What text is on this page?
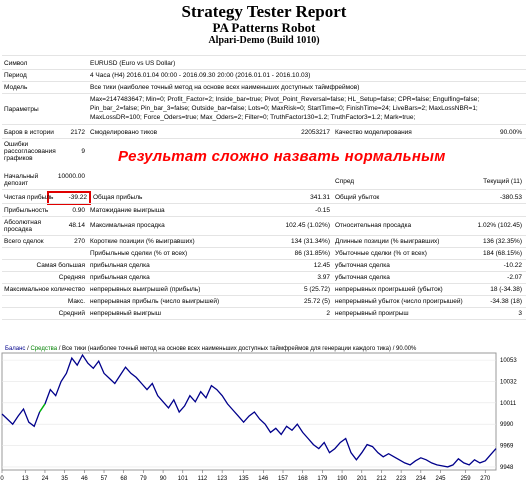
Strategy Tester Report
PA Patterns Robot
Alpari-Demo (Build 1010)
Символ	EURUSD (Euro vs US Dollar)
Период	4 Часа (H4) 2016.01.04 00:00 - 2016.09.30 20:00 (2016.01.01 - 2016.10.03)
Модель	Все тики (наиболее точный метод на основе всех наименьших доступных таймфреймов)
Параметры
Max=2147483647; Min=0; Profit_Factor=2; Inside_bar=true; Pivot_Point_Reversal=false; HL_Setup=false; CPR=false; Engulfing=false;
Pin_bar_2=false; Pin_bar_3=false; Outside_bar=false; Lots=0; MaxRisk=0; StartTime=0; FinishTime=24; LiveBars=2; MaxLossNBR=1;
MaxLossDR=100; Force_Oders=true; Max_Oders=2; Filter=0; TruthFactor130=1.2; TruthFactor3=1.2; Mark=true;
Баров в истории	2172 Смоделировано тиков	22053217 Качество моделирования	90.00%
Ошибки
рассогласования
графиков
9 Результат сложно назвать нормальным
Начальный
депозит
10000.00
Спред	Текущий (11)
Чистая прибыль	-39.22 Общая прибыль	341.31 Общий убыток	-380.53
Прибыльность	0.90 Матожидание выигрыша	-0.15
Абсолютная
просадка
48.14 Максимальная просадка	102.45 (1.02%) Относительная просадка	1.02% (102.45)
Всего сделок	270 Короткие позиции (% выигравших)	134 (31.34%) Длинные позиции (% выигравших)	136 (32.35%)
Прибыльные сделки (% от всех)	86 (31.85%) Убыточные сделки (% от всех)	184 (68.15%)
Самая большая прибыльная сделка	12.45 убыточная сделка	-10.22
Средняя прибыльная сделка	3.97 убыточная сделка	-2.07
Максимальное количество непрерывных выигрышей (прибыль)	5 (25.72) непрерывных проигрышей (убыток)	18 (-34.38)
Макс. непрерывная прибыль (число выигрышей)	25.72 (5) непрерывный убыток (число проигрышей)	-34.38 (18)
Средний непрерывный выигрыш	2 непрерывный проигрыш	3
Баланс / Средства / Все тики (наиболее точный метод на основе всех наименьших доступных таймфреймов для генерации каждого тика) / 90.00%
10053
10032
10011
9990
9969
9948
0	13 24 35 46 57 68 79 90 101 112 123 135 146 157 168 179 190 201 212 223 234 245	259 270
